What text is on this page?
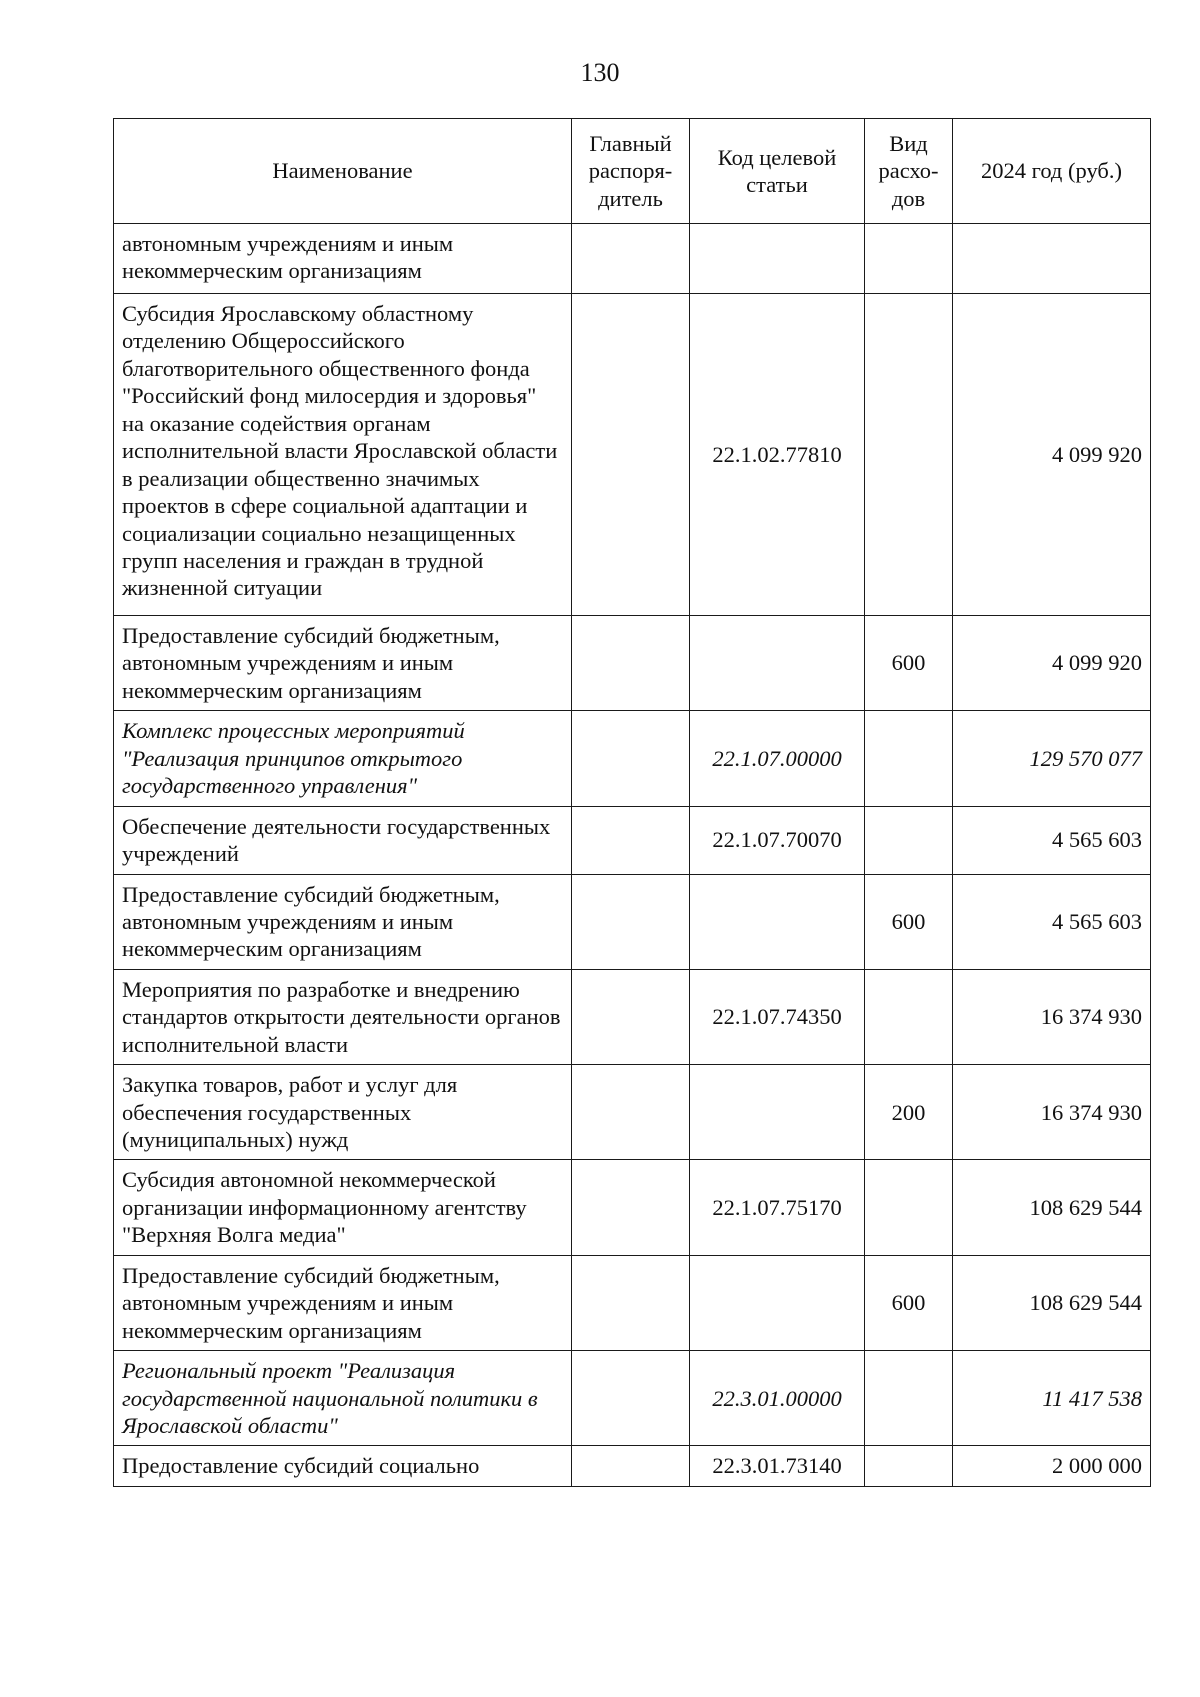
130
Наименование	Главный распоря-дитель	Код целевой статьи	Вид расхо-дов	2024 год (руб.)
автономным учреждениям и иным некоммерческим организациям				
Субсидия Ярославскому областному отделению Общероссийского благотворительного общественного фонда "Российский фонд милосердия и здоровья" на оказание содействия органам исполнительной власти Ярославской области в реализации общественно значимых проектов в сфере социальной адаптации и социализации социально незащищенных групп населения и граждан в трудной жизненной ситуации		22.1.02.77810		4 099 920
Предоставление субсидий бюджетным, автономным учреждениям и иным некоммерческим организациям			600	4 099 920
Комплекс процессных мероприятий "Реализация принципов открытого государственного управления"		22.1.07.00000		129 570 077
Обеспечение деятельности государственных учреждений		22.1.07.70070		4 565 603
Предоставление субсидий бюджетным, автономным учреждениям и иным некоммерческим организациям			600	4 565 603
Мероприятия по разработке и внедрению стандартов открытости деятельности органов исполнительной власти		22.1.07.74350		16 374 930
Закупка товаров, работ и услуг для обеспечения государственных (муниципальных) нужд			200	16 374 930
Субсидия автономной некоммерческой организации информационному агентству "Верхняя Волга медиа"		22.1.07.75170		108 629 544
Предоставление субсидий бюджетным, автономным учреждениям и иным некоммерческим организациям			600	108 629 544
Региональный проект "Реализация государственной национальной политики в Ярославской области"		22.3.01.00000		11 417 538
Предоставление субсидий социально		22.3.01.73140		2 000 000
